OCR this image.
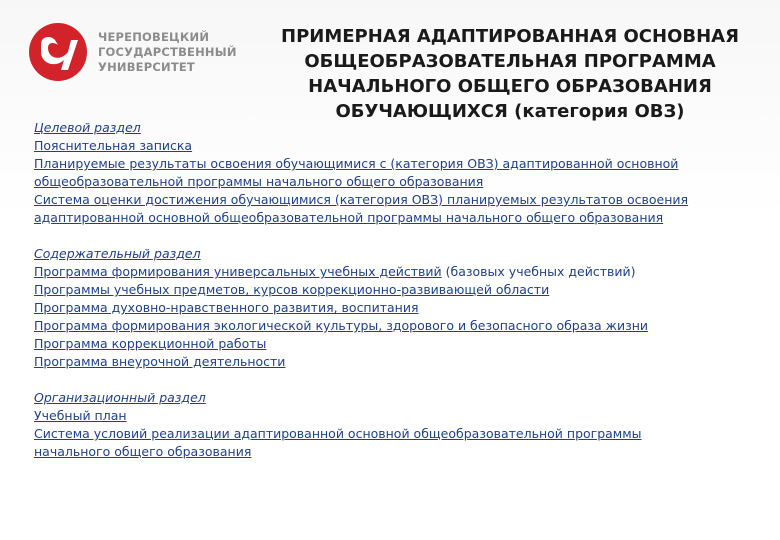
ЧЕРЕПОВЕЦКИЙ
ГОСУДАРСТВЕННЫЙ
УНИВЕРСИТЕТ
ПРИМЕРНАЯ АДАПТИРОВАННАЯ ОСНОВНАЯ
ОБЩЕОБРАЗОВАТЕЛЬНАЯ ПРОГРАММА
НАЧАЛЬНОГО ОБЩЕГО ОБРАЗОВАНИЯ
ОБУЧАЮЩИХСЯ (категория ОВЗ)
Целевой раздел
Пояснительная записка
Планируемые результаты освоения обучающимися с (категория ОВЗ) адаптированной основной
общеобразовательной программы начального общего образования
Система оценки достижения обучающимися (категория ОВЗ) планируемых результатов освоения
адаптированной основной общеобразовательной программы начального общего образования
Содержательный раздел
Программа формирования универсальных учебных действий (базовых учебных действий)
Программы учебных предметов, курсов коррекционно-развивающей области
Программа духовно-нравственного развития, воспитания
Программа формирования экологической культуры, здорового и безопасного образа жизни
Программа коррекционной работы
Программа внеурочной деятельности
Организационный раздел
Учебный план
Система условий реализации адаптированной основной общеобразовательной программы
начального общего образования
